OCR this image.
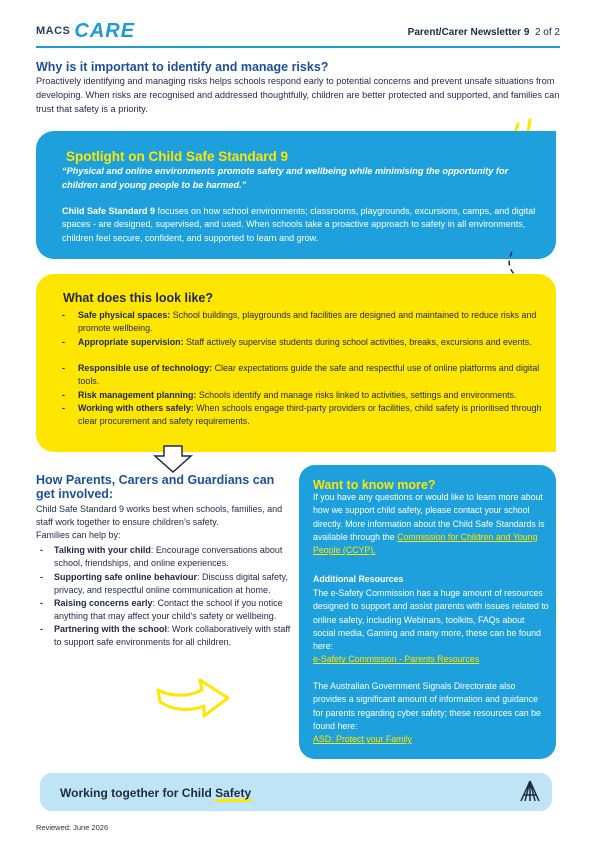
MACS CARE	Parent/Carer Newsletter 9 2 of 2
Why is it important to identify and manage risks?
Proactively identifying and managing risks helps schools respond early to potential concerns and prevent unsafe situations from developing. When risks are recognised and addressed thoughtfully, children are better protected and supported, and families can trust that safety is a priority.
Spotlight on Child Safe Standard 9
“Physical and online environments promote safety and wellbeing while minimising the opportunity for children and young people to be harmed.”
Child Safe Standard 9 focuses on how school environments; classrooms, playgrounds, excursions, camps, and digital spaces - are designed, supervised, and used. When schools take a proactive approach to safety in all environments, children feel secure, confident, and supported to learn and grow.
What does this look like?
- Safe physical spaces: School buildings, playgrounds and facilities are designed and maintained to reduce risks and promote wellbeing.
- Appropriate supervision: Staff actively supervise students during school activities, breaks, excursions and events.
- Responsible use of technology: Clear expectations guide the safe and respectful use of online platforms and digital tools.
- Risk management planning: Schools identify and manage risks linked to activities, settings and environments.
- Working with others safely: When schools engage third-party providers or facilities, child safety is prioritised through clear procurement and safety requirements.
How Parents, Carers and Guardians can get involved:
Child Safe Standard 9 works best when schools, families, and staff work together to ensure children’s safety.
Families can help by:
- Talking with your child: Encourage conversations about school, friendships, and online experiences.
- Supporting safe online behaviour: Discuss digital safety, privacy, and respectful online communication at home.
- Raising concerns early: Contact the school if you notice anything that may affect your child’s safety or wellbeing.
- Partnering with the school: Work collaboratively with staff to support safe environments for all children.
Want to know more?
If you have any questions or would like to learn more about how we support child safety, please contact your school directly. More information about the Child Safe Standards is available through the Commission for Children and Young People (CCYP).
Additional Resources
The e-Safety Commission has a huge amount of resources designed to support and assist parents with issues related to online safety, including Webinars, toolkits, FAQs about social media, Gaming and many more, these can be found here:
e-Safety Commission - Parents Resources
The Australian Government Signals Directorate also provides a significant amount of information and guidance for parents regarding cyber safety; these resources can be found here:
ASD: Protect your Family
Working together for Child Safety
Reviewed: June 2026
